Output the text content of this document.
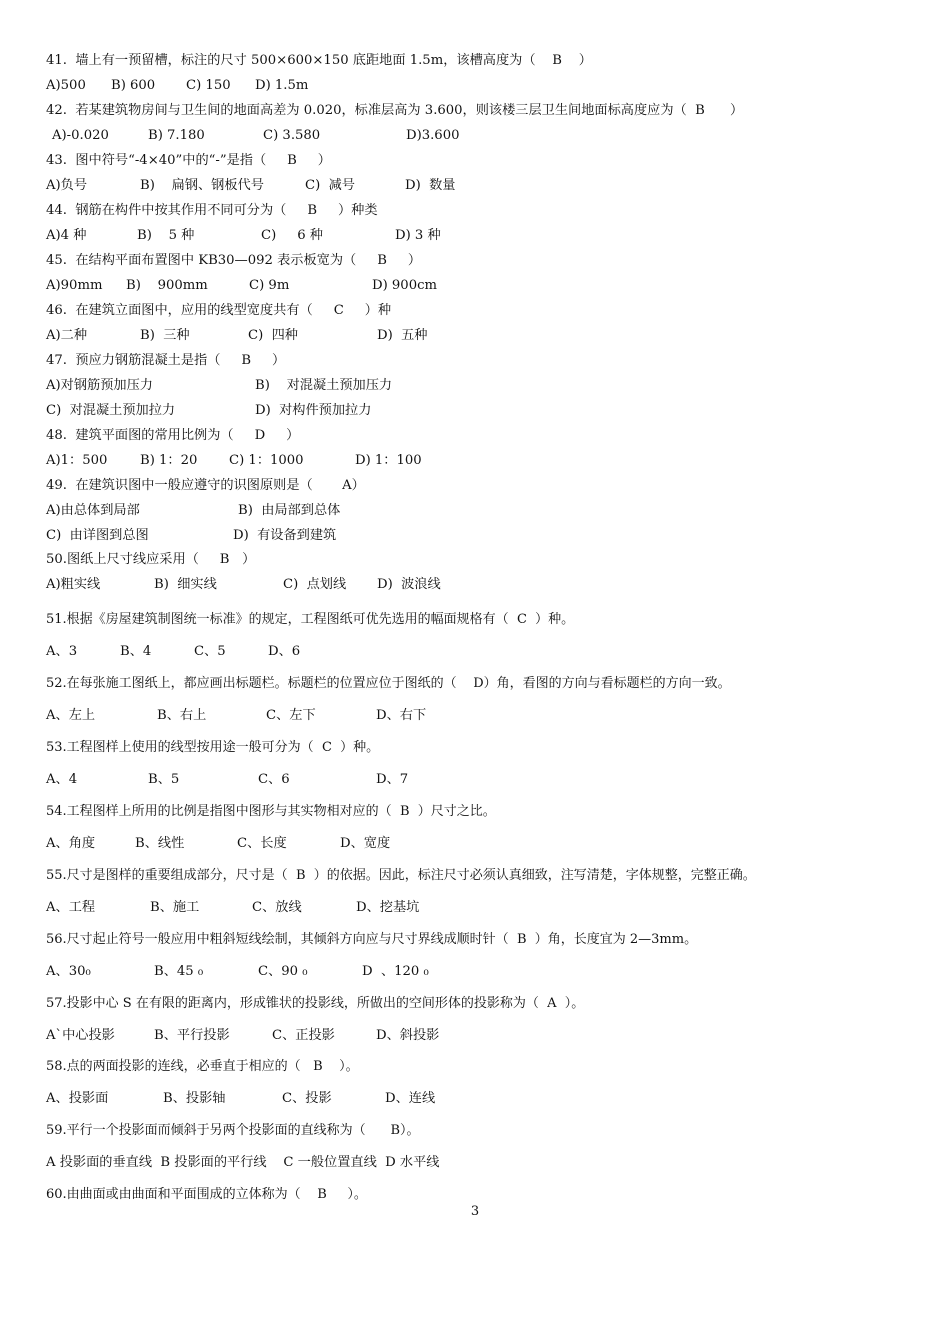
41.  墙上有一预留槽，标注的尺寸 500×600×150 底距地面 1.5m，该槽高度为（    B    ）
A)500 B) 600 C) 150 D) 1.5m
42.  若某建筑物房间与卫生间的地面高差为 0.020，标准层高为 3.600，则该楼三层卫生间地面标高度应为（  B      ）
A)-0.020	B) 7.180	C) 3.580	D)3.600
43.  图中符号“-4×40”中的“-”是指（     B     ）
A)负号	B)    扁钢、钢板代号	C)  减号	D)  数量
44.  钢筋在构件中按其作用不同可分为（     B     ）种类
A)4 种	B)    5 种	C)     6 种	D) 3 种
45.  在结构平面布置图中 KB30—092 表示板宽为（     B     ）
A)90mm B)    900mm	C) 9m	D) 900cm
46.  在建筑立面图中，应用的线型宽度共有（     C     ）种
A)二种	B)  三种	C)  四种	D)  五种
47.  预应力钢筋混凝土是指（     B     ）
A)对钢筋预加压力	B)    对混凝土预加压力
C)  对混凝土预加拉力	D)  对构件预加拉力
48.  建筑平面图的常用比例为（     D     ）
A)1：500 B) 1：20 C) 1：1000	D) 1：100
49.  在建筑识图中一般应遵守的识图原则是（       A）
A)由总体到局部	B)  由局部到总体
C)  由详图到总图	D)  有设备到建筑
50.图纸上尺寸线应采用（     B   ）
A)粗实线	B)  细实线	C)  点划线 D)  波浪线
51.根据《房屋建筑制图统一标准》的规定，工程图纸可优先选用的幅面规格有（  C  ）种。
A、3	B、4	C、5	D、6
52.在每张施工图纸上，都应画出标题栏。标题栏的位置应位于图纸的（    D）角，看图的方向与看标题栏的方向一致。
A、左上	B、右上	C、左下	D、右下
53.工程图样上使用的线型按用途一般可分为（  C  ）种。
A、4	B、5	C、6	D、7
54.工程图样上所用的比例是指图中图形与其实物相对应的（  B  ）尺寸之比。
A、角度	B、线性	C、长度	D、宽度
55.尺寸是图样的重要组成部分，尺寸是（  B  ）的依据。因此，标注尺寸必须认真细致，注写清楚，字体规整，完整正确。
A、工程	B、施工	C、放线	D、挖基坑
56.尺寸起止符号一般应用中粗斜短线绘制，其倾斜方向应与尺寸界线成顺时针（  B  ）角，长度宜为 2—3mm。
A、30₀	B、45 ₀	C、90 ₀	D  、120 ₀
57.投影中心 S 在有限的距离内，形成锥状的投影线，所做出的空间形体的投影称为（  A  ）。
A`中心投影	B、平行投影	C、正投影	D、斜投影
58.点的两面投影的连线，必垂直于相应的（   B    ）。
A、投影面	B、投影轴	C、投影	D、连线
59.平行一个投影面而倾斜于另两个投影面的直线称为（      B）。
A 投影面的垂直线  B 投影面的平行线    C 一般位置直线  D 水平线
60.由曲面或由曲面和平面围成的立体称为（    B     ）。
3
